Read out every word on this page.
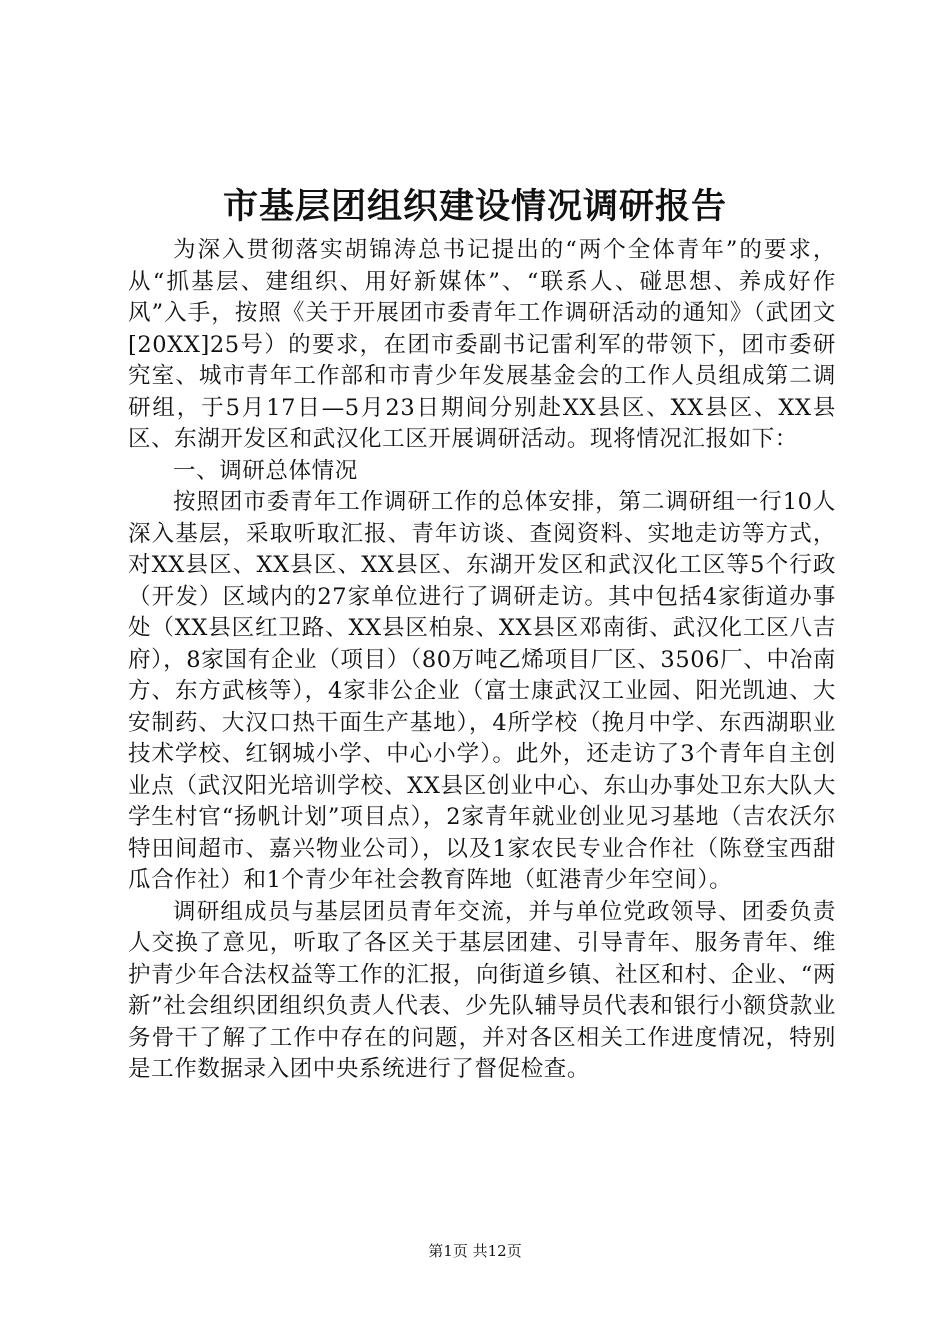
市基层团组织建设情况调研报告

为深入贯彻落实胡锦涛总书记提出的“两个全体青年”的要求，从“抓基层、建组织、用好新媒体”、“联系人、碰思想、养成好作风”入手，按照《关于开展团市委青年工作调研活动的通知》（武团文[20XX]25号）的要求，在团市委副书记雷利军的带领下，团市委研究室、城市青年工作部和市青少年发展基金会的工作人员组成第二调研组，于5月17日—5月23日期间分别赴XX县区、XX县区、XX县区、东湖开发区和武汉化工区开展调研活动。现将情况汇报如下：

一、调研总体情况

按照团市委青年工作调研工作的总体安排，第二调研组一行10人深入基层，采取听取汇报、青年访谈、查阅资料、实地走访等方式，对XX县区、XX县区、XX县区、东湖开发区和武汉化工区等5个行政（开发）区域内的27家单位进行了调研走访。其中包括4家街道办事处（XX县区红卫路、XX县区柏泉、XX县区邓南街、武汉化工区八吉府），8家国有企业（项目）（80万吨乙烯项目厂区、3506厂、中冶南方、东方武核等），4家非公企业（富士康武汉工业园、阳光凯迪、大安制药、大汉口热干面生产基地），4所学校（挽月中学、东西湖职业技术学校、红钢城小学、中心小学）。此外，还走访了3个青年自主创业点（武汉阳光培训学校、XX县区创业中心、东山办事处卫东大队大学生村官“扬帆计划”项目点），2家青年就业创业见习基地（吉农沃尔特田间超市、嘉兴物业公司），以及1家农民专业合作社（陈登宝西甜瓜合作社）和1个青少年社会教育阵地（虹港青少年空间）。

调研组成员与基层团员青年交流，并与单位党政领导、团委负责人交换了意见，听取了各区关于基层团建、引导青年、服务青年、维护青少年合法权益等工作的汇报，向街道乡镇、社区和村、企业、“两新”社会组织团组织负责人代表、少先队辅导员代表和银行小额贷款业务骨干了解了工作中存在的问题，并对各区相关工作进度情况，特别是工作数据录入团中央系统进行了督促检查。

第1页 共12页
